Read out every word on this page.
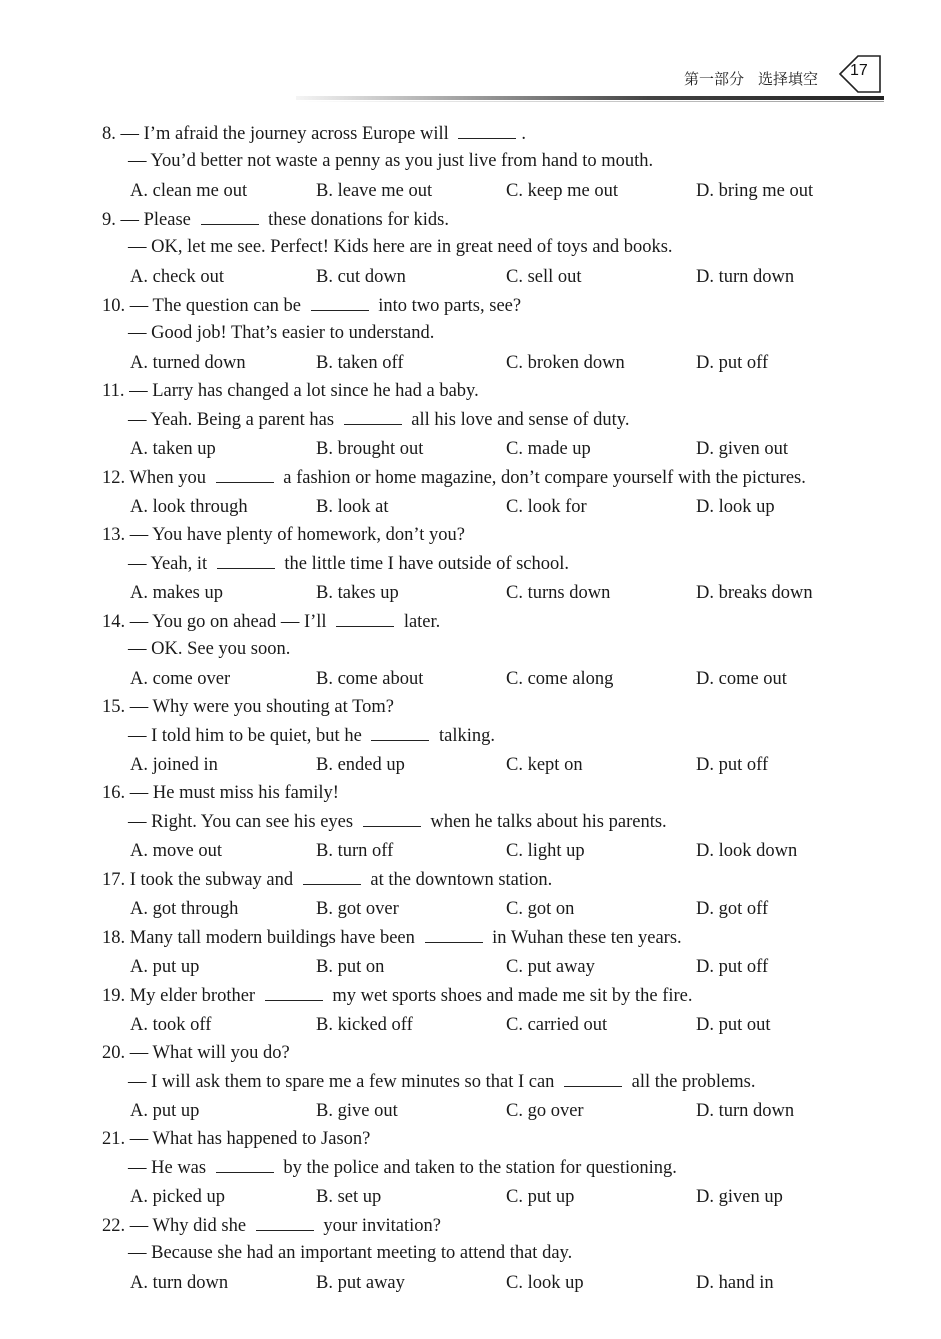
第一部分 选择填空 17
8. — I’m afraid the journey across Europe will	.
— You’d better not waste a penny as you just live from hand to mouth.
A. clean me out	B. leave me out	C. keep me out	D. bring me out
9. — Please	these donations for kids.
— OK, let me see. Perfect! Kids here are in great need of toys and books.
A. check out	B. cut down	C. sell out	D. turn down
10. — The question can be	into two parts, see?
— Good job! That’s easier to understand.
A. turned down	B. taken off	C. broken down	D. put off
11. — Larry has changed a lot since he had a baby.
— Yeah. Being a parent has	all his love and sense of duty.
A. taken up	B. brought out	C. made up	D. given out
12. When you	a fashion or home magazine, don’t compare yourself with the pictures.
A. look through	B. look at	C. look for	D. look up
13. — You have plenty of homework, don’t you?
— Yeah, it	the little time I have outside of school.
A. makes up	B. takes up	C. turns down	D. breaks down
14. — You go on ahead — I’ll	later.
— OK. See you soon.
A. come over	B. come about	C. come along	D. come out
15. — Why were you shouting at Tom?
— I told him to be quiet, but he	talking.
A. joined in	B. ended up	C. kept on	D. put off
16. — He must miss his family!
— Right. You can see his eyes	when he talks about his parents.
A. move out	B. turn off	C. light up	D. look down
17. I took the subway and	at the downtown station.
A. got through	B. got over	C. got on	D. got off
18. Many tall modern buildings have been	in Wuhan these ten years.
A. put up	B. put on	C. put away	D. put off
19. My elder brother	my wet sports shoes and made me sit by the fire.
A. took off	B. kicked off	C. carried out	D. put out
20. — What will you do?
— I will ask them to spare me a few minutes so that I can	all the problems.
A. put up	B. give out	C. go over	D. turn down
21. — What has happened to Jason?
— He was	by the police and taken to the station for questioning.
A. picked up	B. set up	C. put up	D. given up
22. — Why did she	your invitation?
— Because she had an important meeting to attend that day.
A. turn down	B. put away	C. look up	D. hand in
